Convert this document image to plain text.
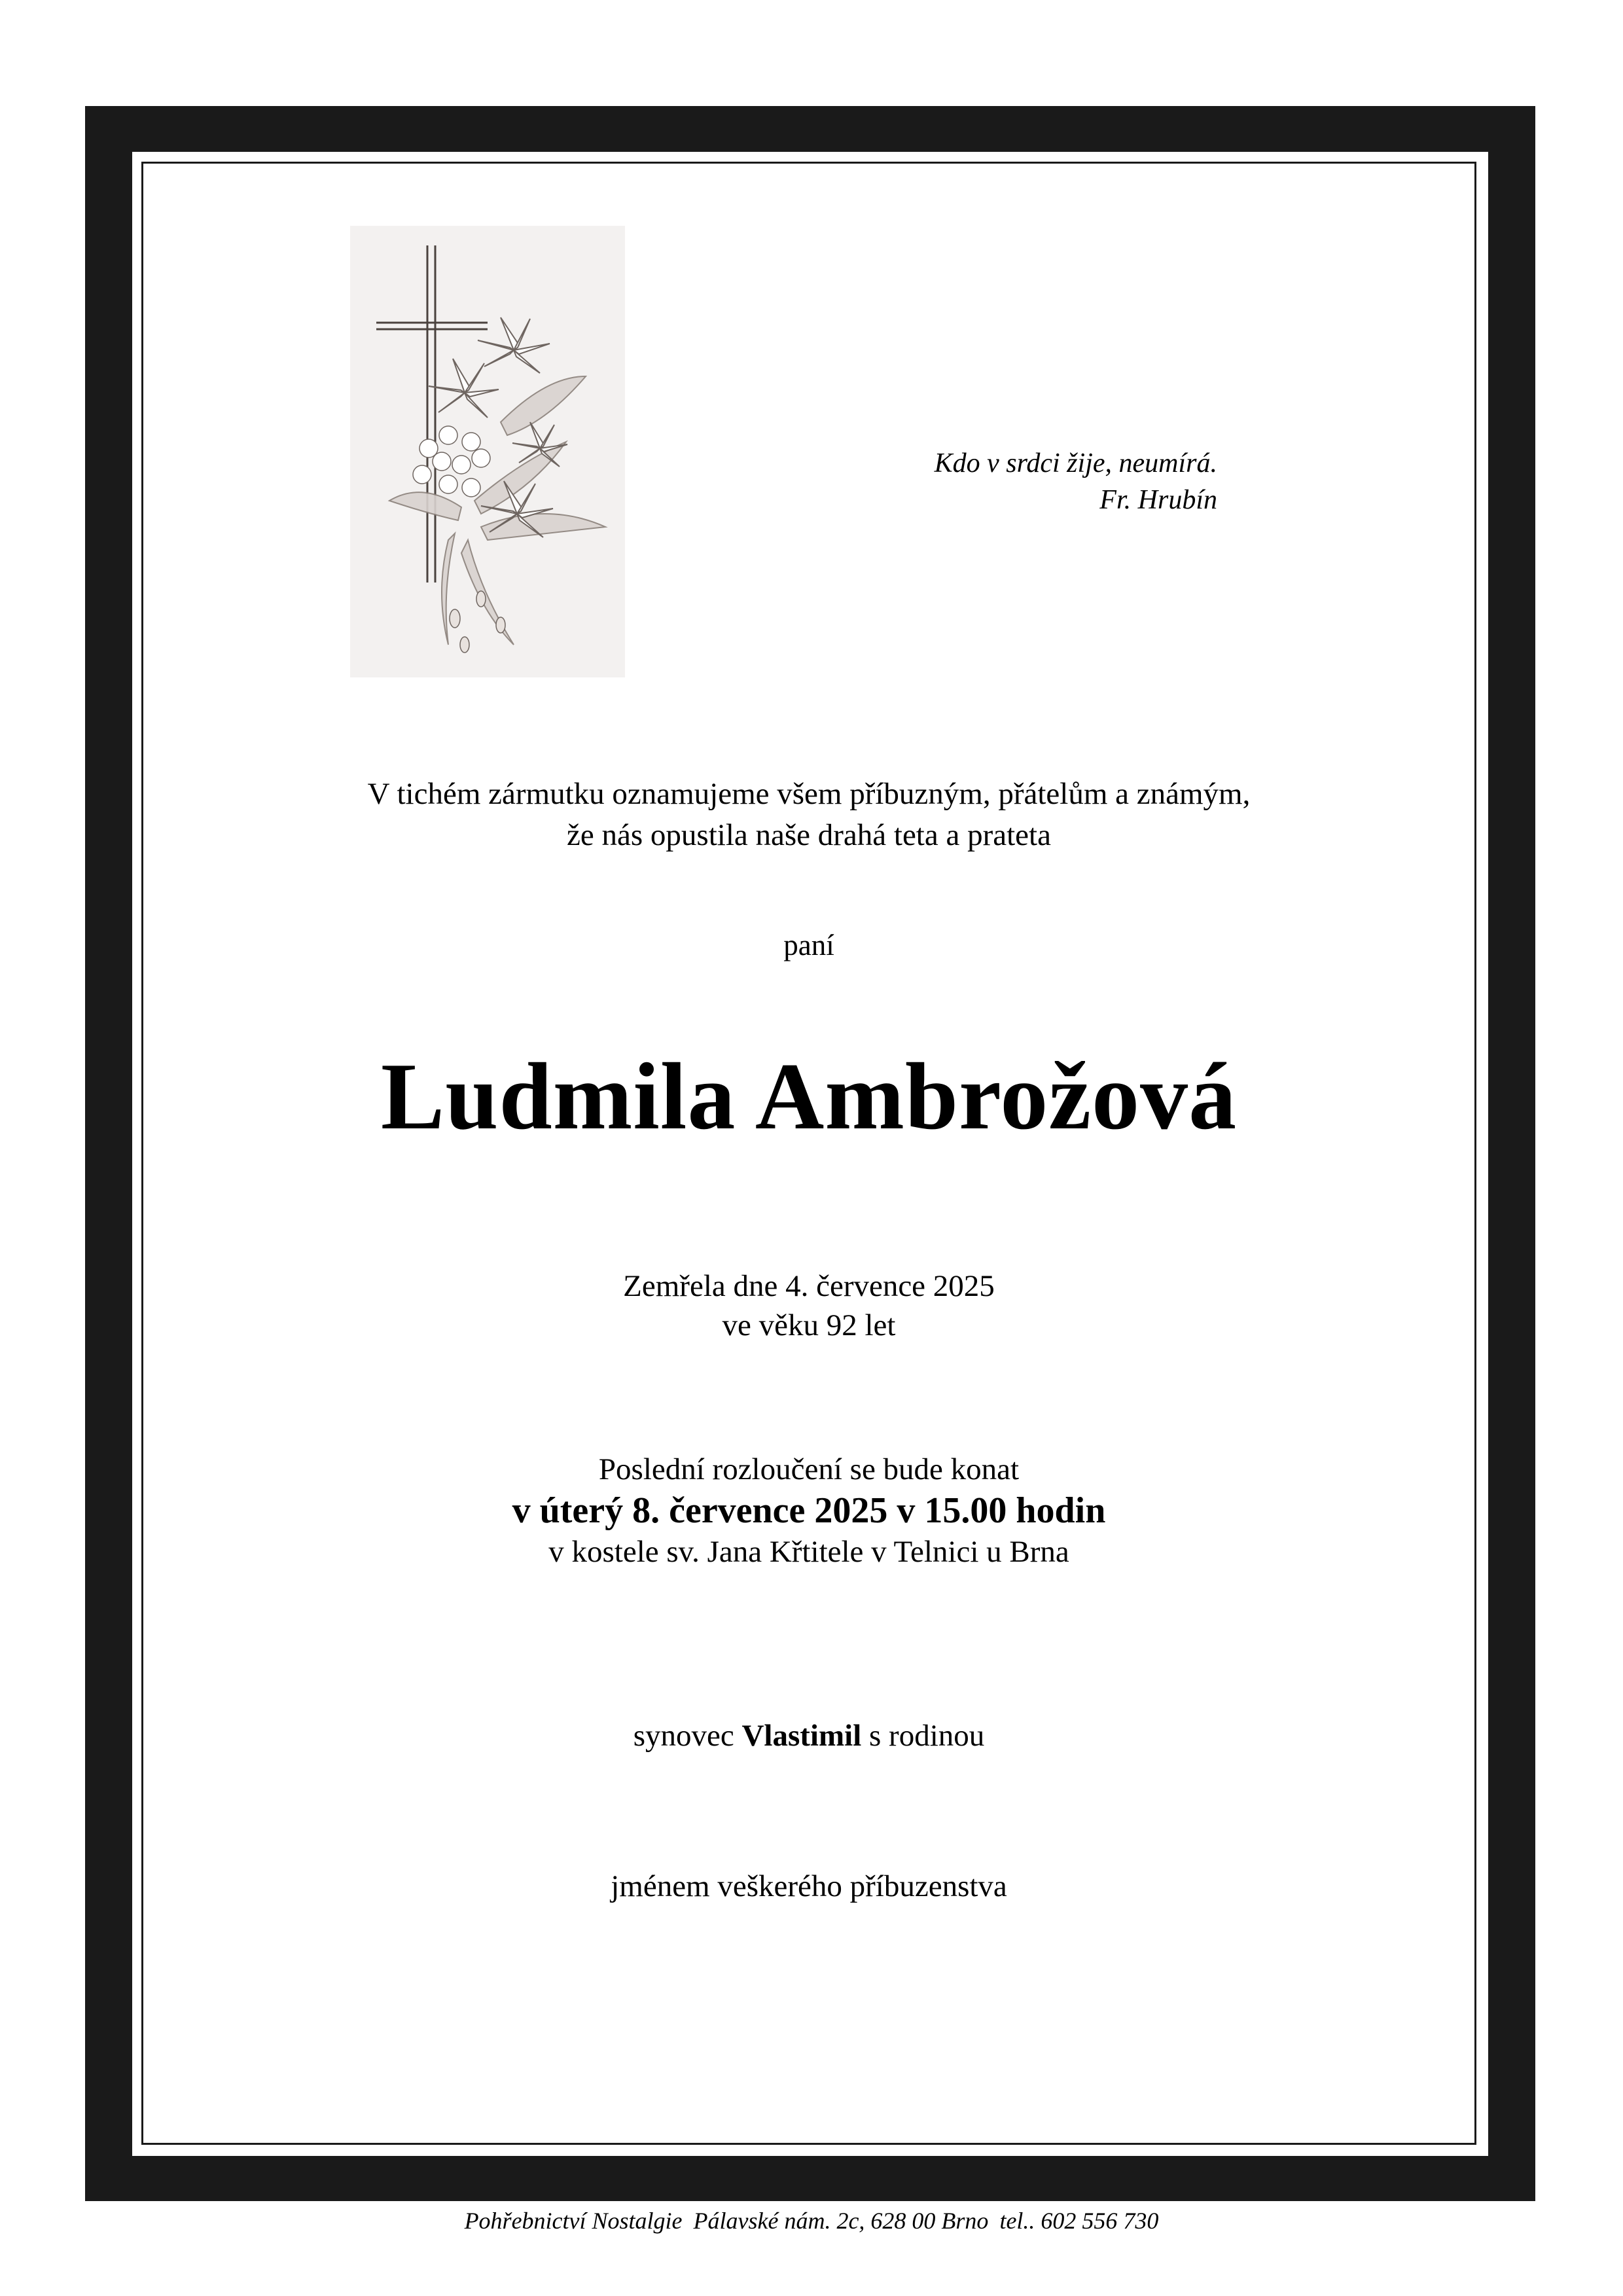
Kdo v srdci žije, neumírá.
Fr. Hrubín
V tichém zármutku oznamujeme všem příbuzným, přátelům a známým,
že nás opustila naše drahá teta a prateta
paní
Ludmila Ambrožová
Zemřela dne 4. července 2025
ve věku 92 let
Poslední rozloučení se bude konat
v úterý 8. července 2025 v 15.00 hodin
v kostele sv. Jana Křtitele v Telnici u Brna
synovec Vlastimil s rodinou
jménem veškerého příbuzenstva
Pohřebnictví Nostalgie Pálavské nám. 2c, 628 00 Brno tel.. 602 556 730
